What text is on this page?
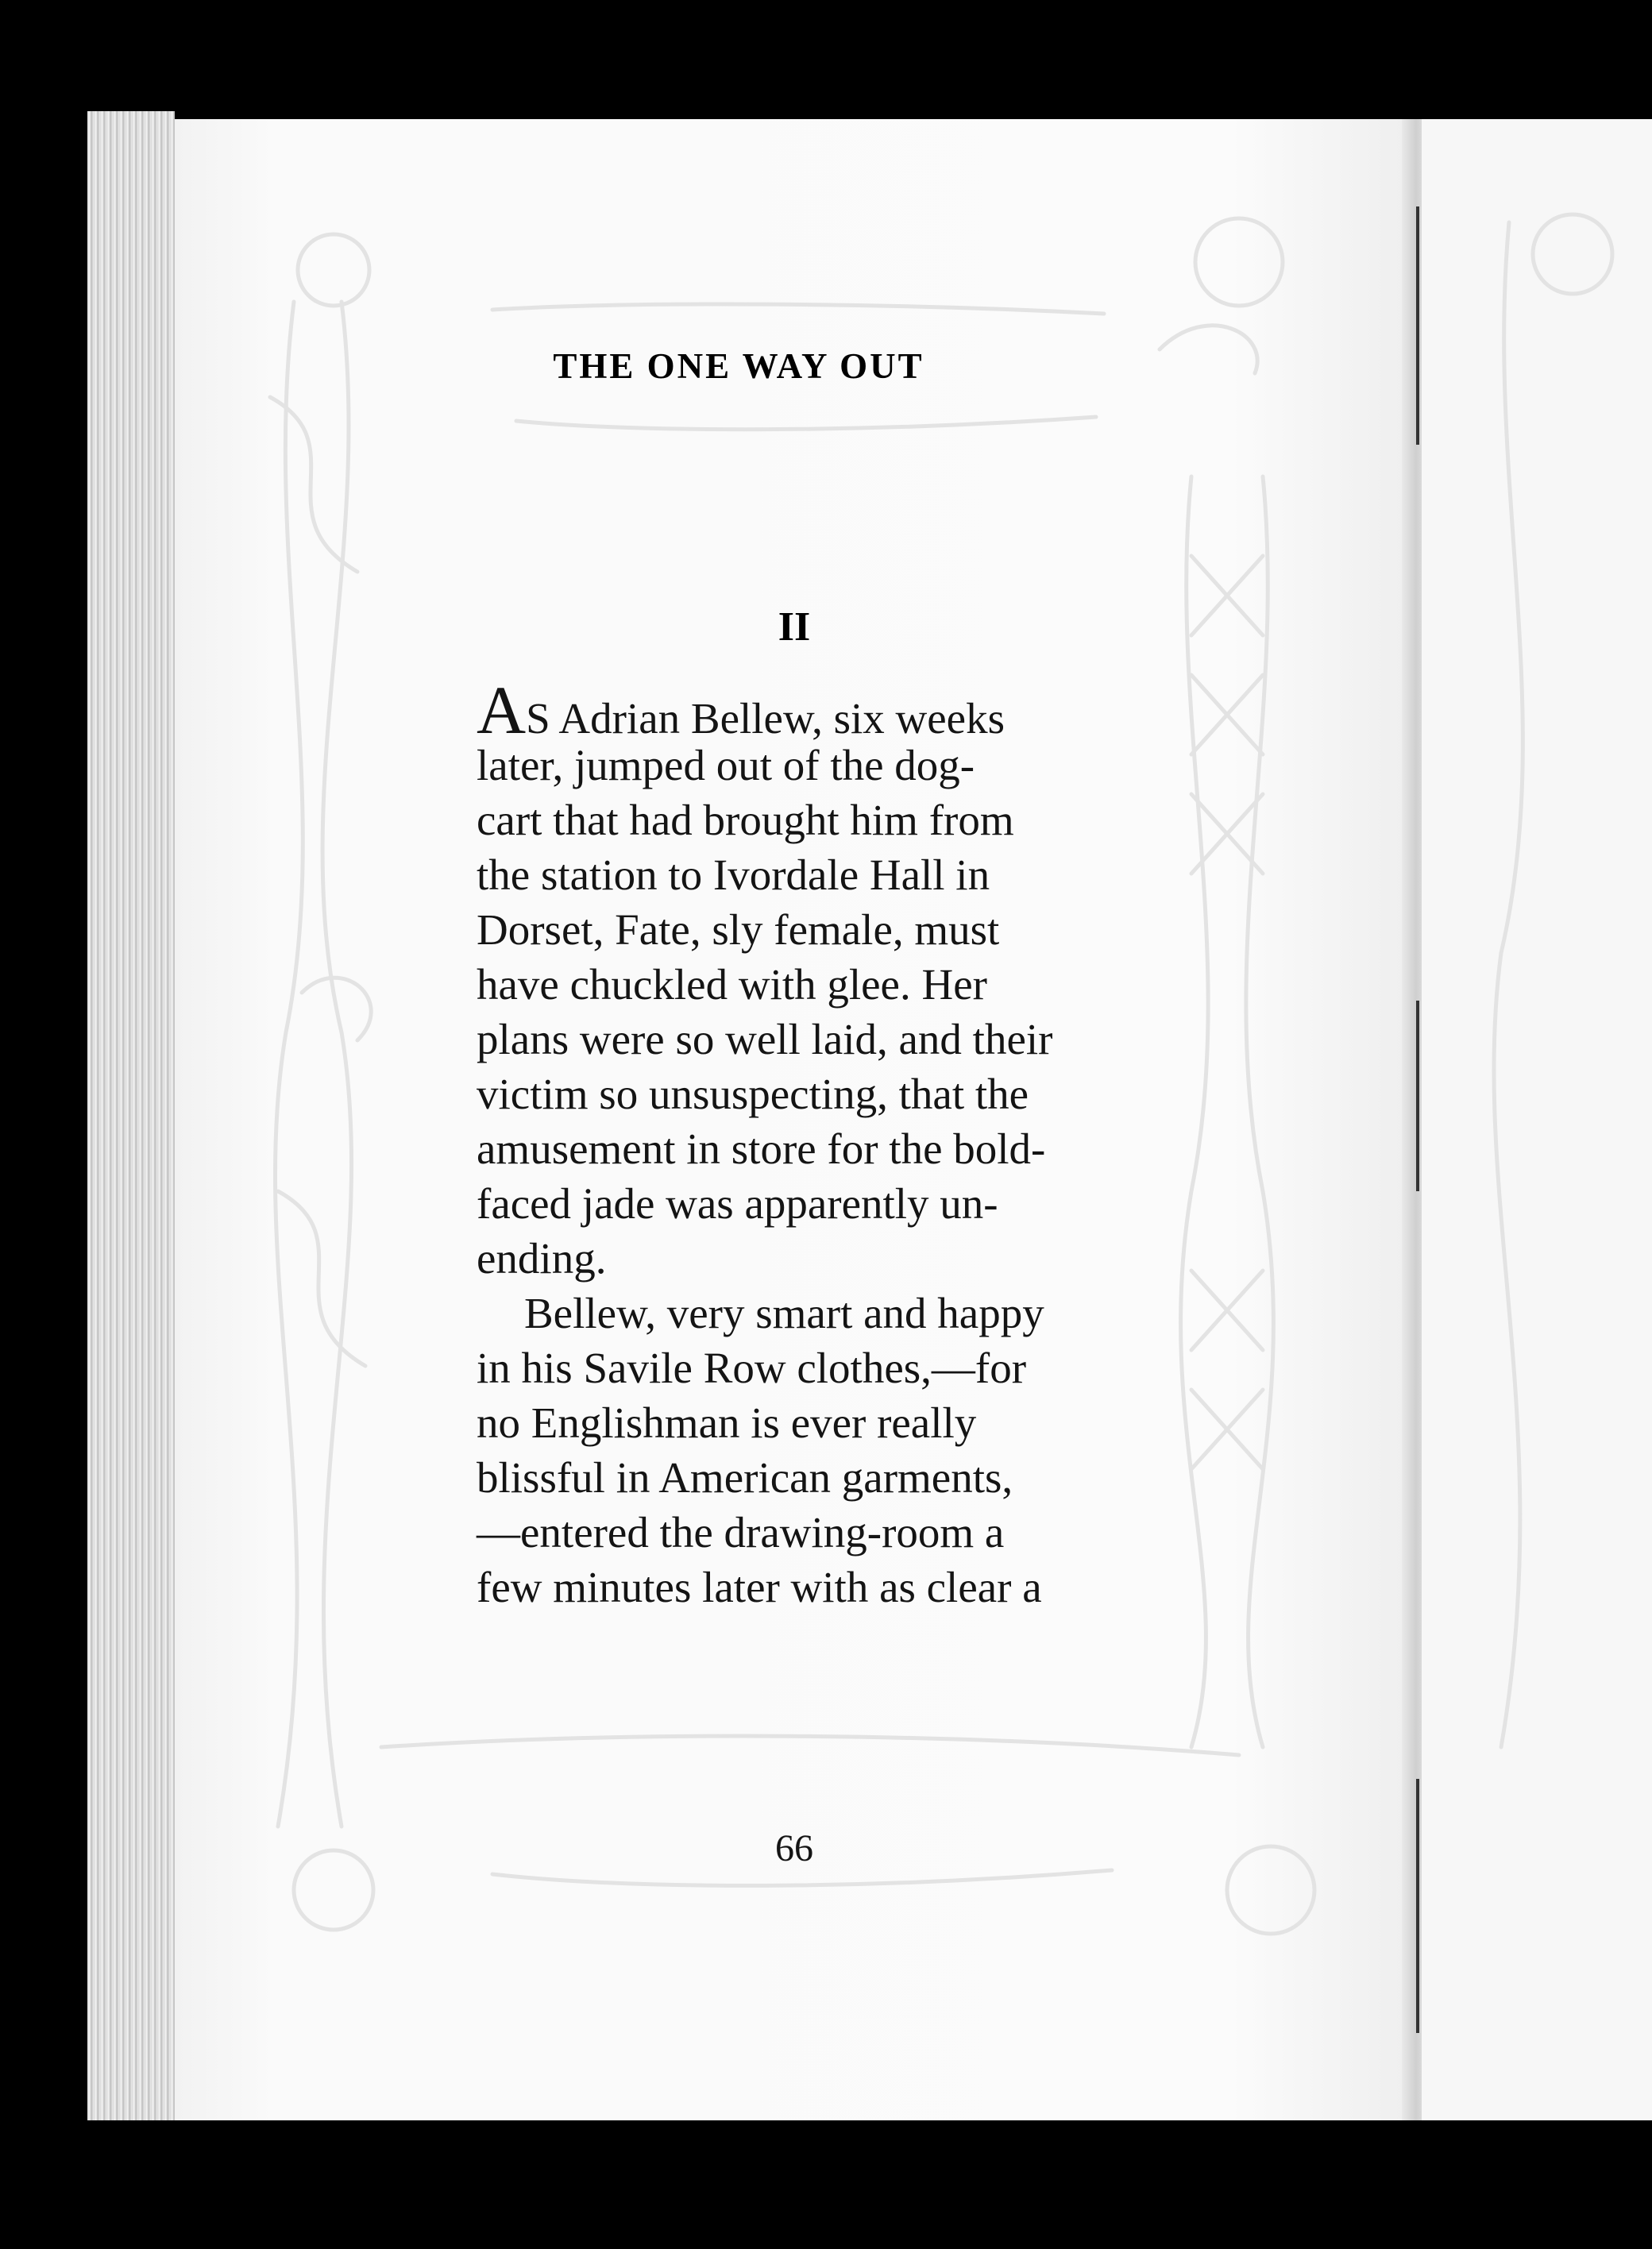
THE ONE WAY OUT
II
AS Adrian Bellew, six weeks
later, jumped out of the dog-
cart that had brought him from
the station to Ivordale Hall in
Dorset, Fate, sly female, must
have chuckled with glee. Her
plans were so well laid, and their
victim so unsuspecting, that the
amusement in store for the bold-
faced jade was apparently un-
ending.
Bellew, very smart and happy
in his Savile Row clothes,—for
no Englishman is ever really
blissful in American garments,
—entered the drawing-room a
few minutes later with as clear a
66
